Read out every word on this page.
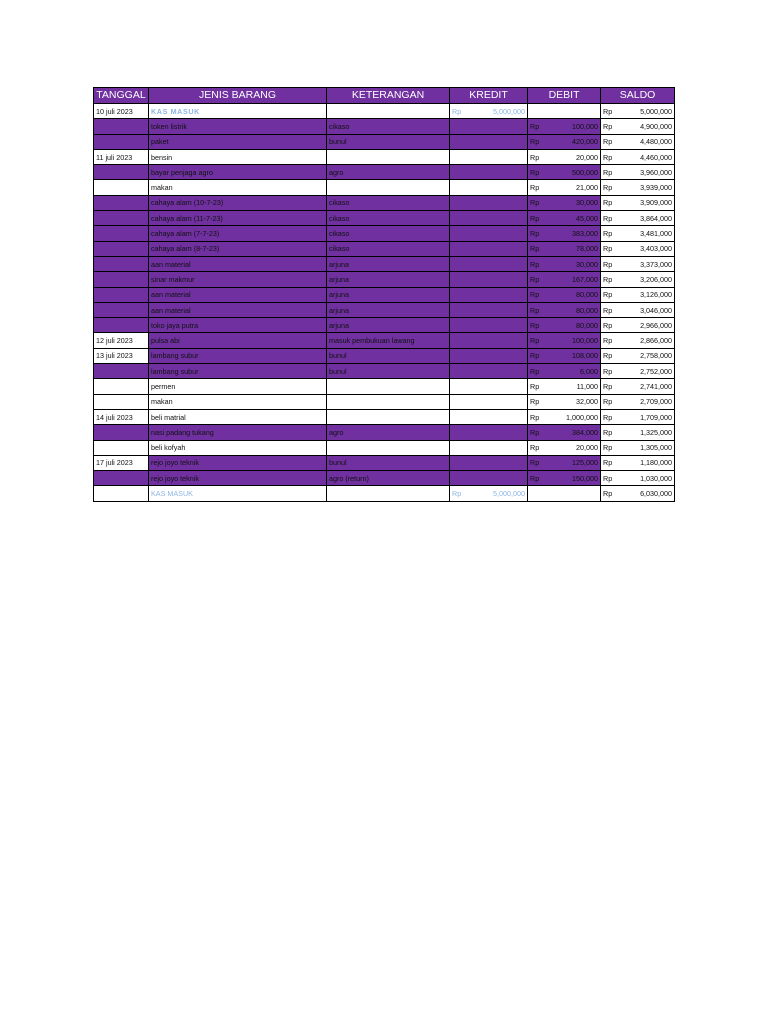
TANGGAL	JENIS BARANG	KETERANGAN	KREDIT		DEBIT		SALDO	
10 juli 2023	KAS MASUK		Rp	5,000,000			Rp	5,000,000
	token listrik	cikaso			Rp	100,000	Rp	4,900,000
	paket	bunul			Rp	420,000	Rp	4,480,000
11 juli 2023	bensin				Rp	20,000	Rp	4,460,000
	bayar penjaga agro	agro			Rp	500,000	Rp	3,960,000
	makan				Rp	21,000	Rp	3,939,000
	cahaya alam (10-7-23)	cikaso			Rp	30,000	Rp	3,909,000
	cahaya alam (11-7-23)	cikaso			Rp	45,000	Rp	3,864,000
	cahaya alam (7-7-23)	cikaso			Rp	383,000	Rp	3,481,000
	cahaya alam (8-7-23)	cikaso			Rp	78,000	Rp	3,403,000
	aan material	arjuna			Rp	30,000	Rp	3,373,000
	sinar makmur	arjuna			Rp	167,000	Rp	3,206,000
	aan material	arjuna			Rp	80,000	Rp	3,126,000
	aan material	arjuna			Rp	80,000	Rp	3,046,000
	toko jaya putra	arjuna			Rp	80,000	Rp	2,966,000
12 juli 2023	pulsa abi	masuk pembukuan lawang			Rp	100,000	Rp	2,866,000
13 juli 2023	lambang subur	bunul			Rp	108,000	Rp	2,758,000
	lambang subur	bunul			Rp	6,000	Rp	2,752,000
	permen				Rp	11,000	Rp	2,741,000
	makan				Rp	32,000	Rp	2,709,000
14 juli 2023	beli matrial				Rp	1,000,000	Rp	1,709,000
	nasi padang tukang	agro			Rp	384,000	Rp	1,325,000
	beli kofyah				Rp	20,000	Rp	1,305,000
17 juli 2023	rejo joyo teknik	bunul			Rp	125,000	Rp	1,180,000
	rejo joyo teknik	agro (return)			Rp	150,000	Rp	1,030,000
	KAS MASUK		Rp	5,000,000			Rp	6,030,000
